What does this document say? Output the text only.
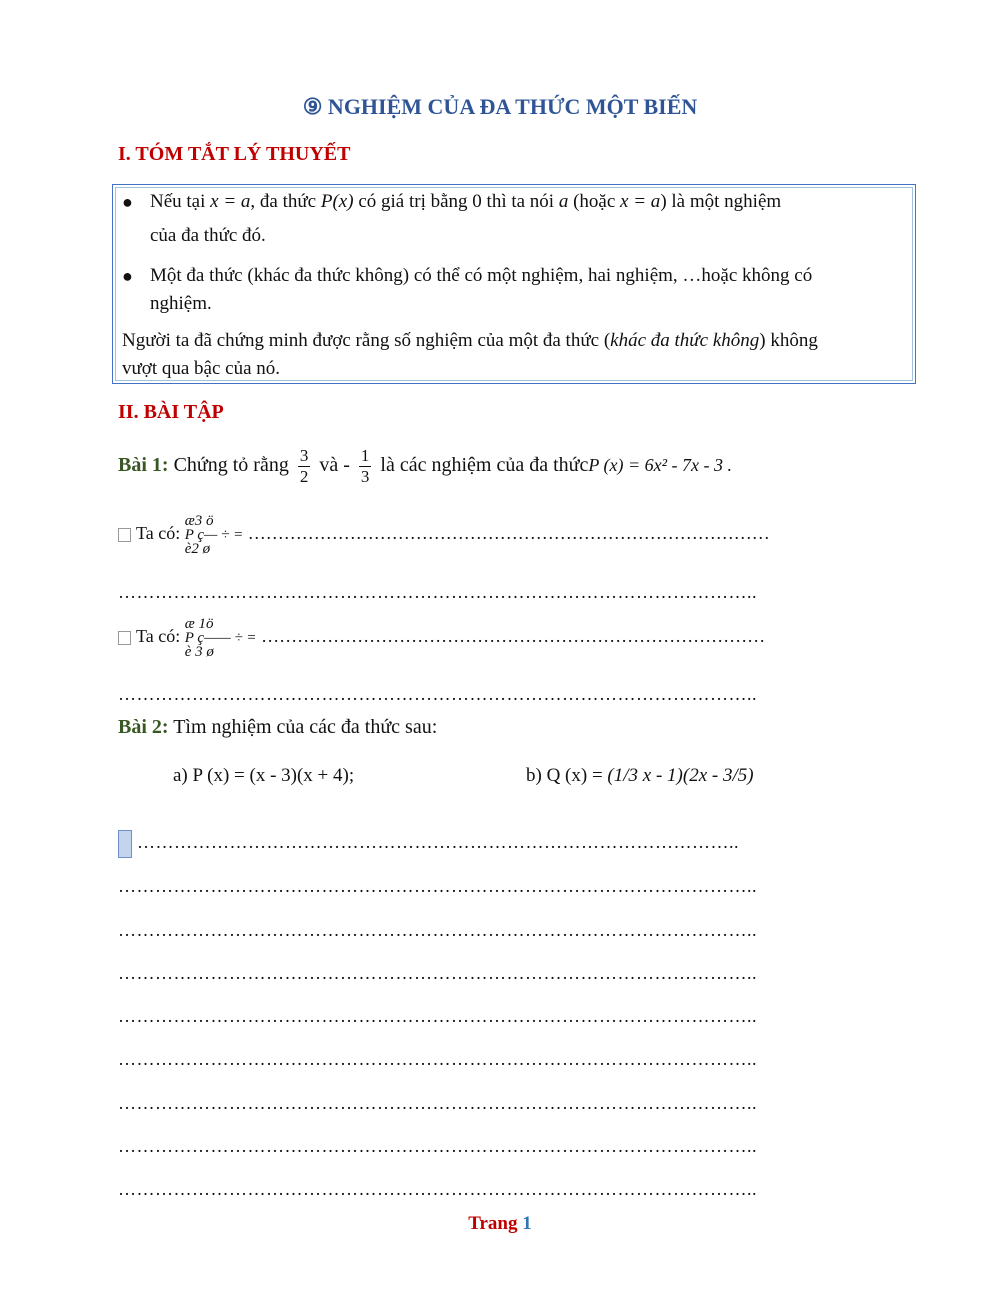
⑨ NGHIỆM CỦA ĐA THỨC MỘT BIẾN
I. TÓM TẮT LÝ THUYẾT
● Nếu tại x = a, đa thức P(x) có giá trị bằng 0 thì ta nói a (hoặc x = a) là một nghiệm
của đa thức đó.
● Một đa thức (khác đa thức không) có thể có một nghiệm, hai nghiệm, …hoặc không có
nghiệm.
Người ta đã chứng minh được rằng số nghiệm của một đa thức (khác đa thức không) không
vượt qua bậc của nó.
II. BÀI TẬP
Bài 1: Chứng tỏ rằng $\frac{3}{2}$ và - $\frac{1}{3}$ là các nghiệm của đa thứcP (x) = 6x² - 7x - 3 .
Ta có:
æ3 ö
P ç— ÷ =
è2 ø
……………………………………………………………………………
…………………………………………………………………………………………..
Ta có:
æ 1ö
P ç—— ÷ =
è 3 ø
…………………………………………………………………………
…………………………………………………………………………………………..
Bài 2: Tìm nghiệm của các đa thức sau:
a) P (x) = (x - 3)(x + 4);	b) Q (x) = (1/3 x - 1)(2x - 3/5)
……………………………………………………………………………………..
…………………………………………………………………………………………..
…………………………………………………………………………………………..
…………………………………………………………………………………………..
…………………………………………………………………………………………..
…………………………………………………………………………………………..
…………………………………………………………………………………………..
…………………………………………………………………………………………..
…………………………………………………………………………………………..
Trang 1
